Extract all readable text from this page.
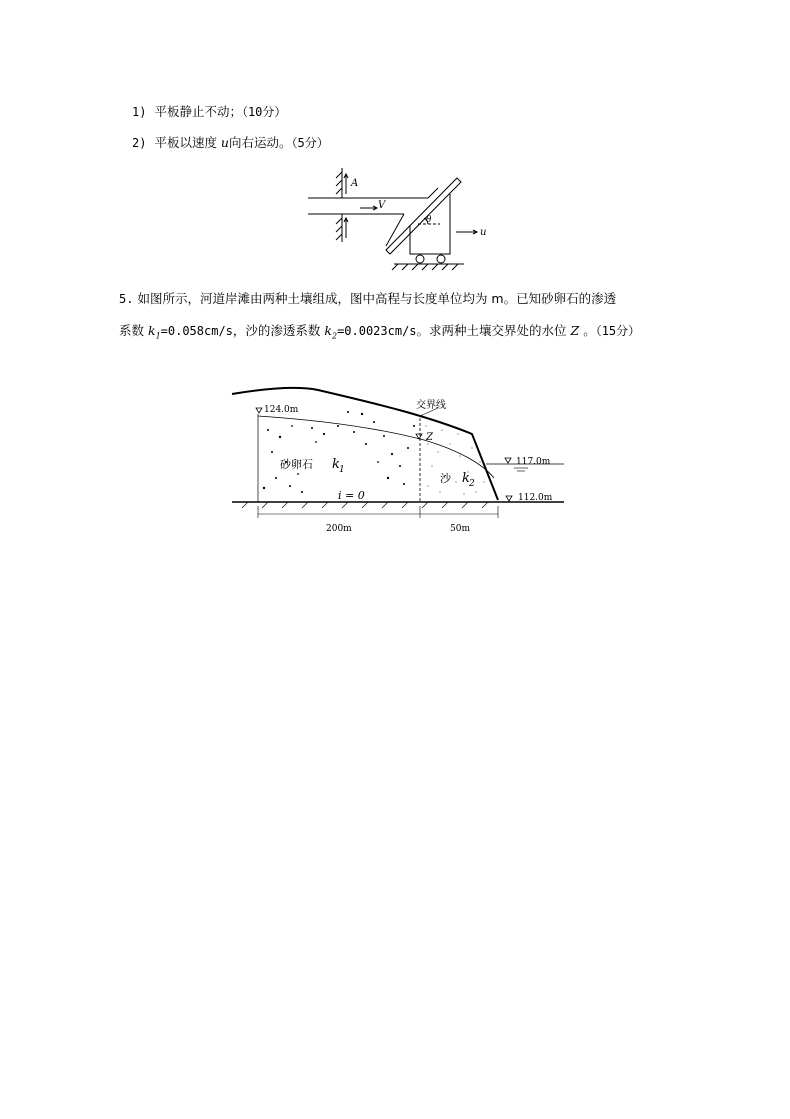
1) 平板静止不动；（10分）
2) 平板以速度 u向右运动。（5分）
A
V
θ
u
5. 如图所示，河道岸滩由两种土壤组成，图中高程与长度单位均为 m。已知砂卵石的渗透
系数 $k_1=0.058cm/s$，沙的渗透系数 $k_2=0.0023cm/s$。求两种土壤交界处的水位 Z 。（15分）
124.0m	交界线
Z
117.0m
112.0m
砂卵石 k 1
沙 k 2
i = 0
200m	50m
